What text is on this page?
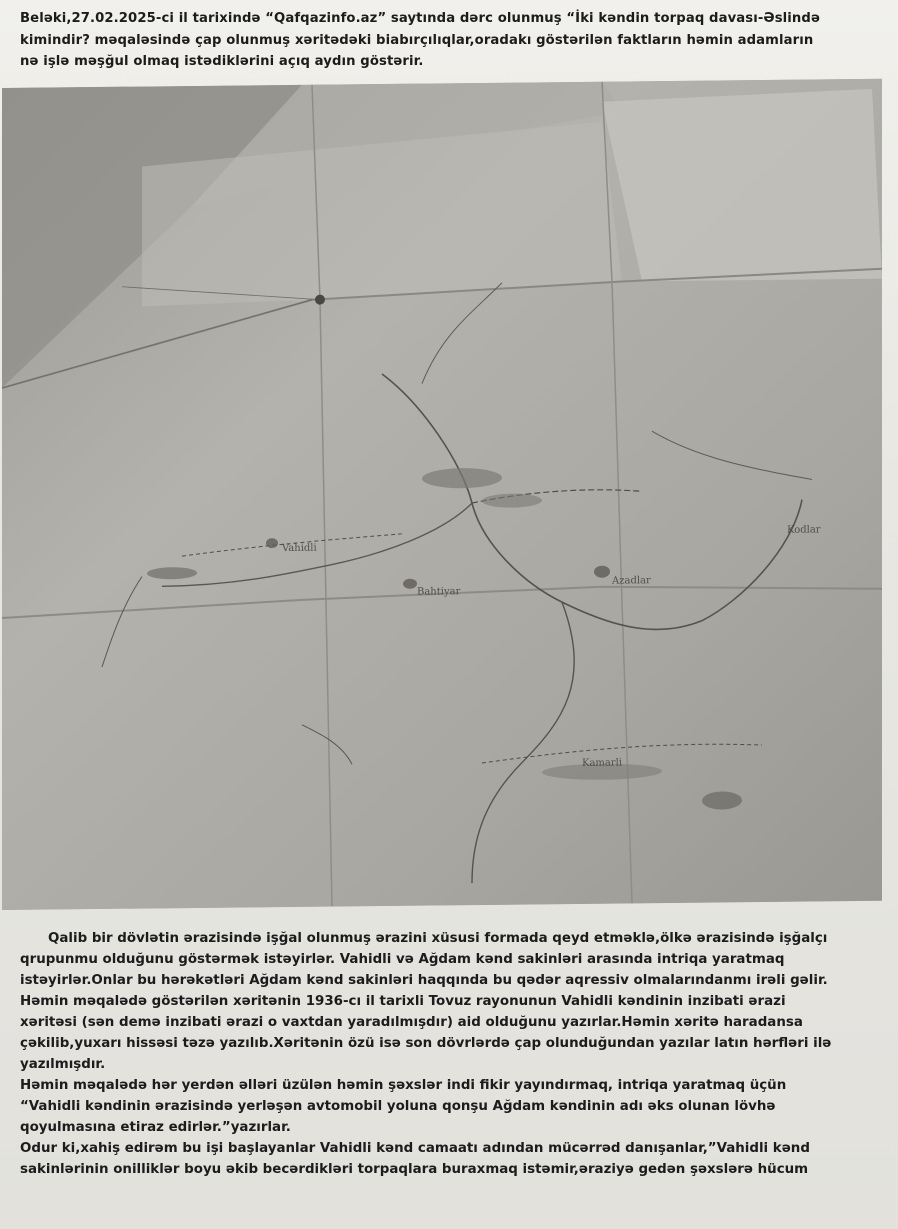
Beləki,27.02.2025-ci il tarixində “Qafqazinfo.az” saytında dərc olunmuş “İki kəndin torpaq davası-Əslində
kimindir? məqaləsində çap olunmuş xəritədəki biabırçılıqlar,oradakı göstərilən faktların həmin adamların
nə işlə məşğul olmaq istədiklərini açıq aydın göstərir.
Bahtiyar
Kodlar
Azadlar
Kamarli
Vahidli
Qalib bir dövlətin ərazisində işğal olunmuş ərazini xüsusi formada qeyd etməklə,ölkə ərazisində işğalçı
qrupunmu olduğunu göstərmək istəyirlər. Vahidli və Ağdam kənd sakinləri arasında intriqa yaratmaq
istəyirlər.Onlar bu hərəkətləri Ağdam kənd sakinləri haqqında bu qədər aqressiv olmalarındanmı irəli gəlir.
Həmin məqalədə göstərilən xəritənin 1936-cı il tarixli Tovuz rayonunun Vahidli kəndinin inzibati ərazi
xəritəsi (sən demə inzibati ərazi o vaxtdan yaradılmışdır) aid olduğunu yazırlar.Həmin xəritə haradansa
çəkilib,yuxarı hissəsi təzə yazılıb.Xəritənin özü isə son dövrlərdə çap olunduğundan yazılar latın hərfləri ilə
yazılmışdır.
Həmin məqalədə hər yerdən əlləri üzülən həmin şəxslər indi fikir yayındırmaq, intriqa yaratmaq üçün
“Vahidli kəndinin ərazisində yerləşən avtomobil yoluna qonşu Ağdam kəndinin adı əks olunan lövhə
qoyulmasına etiraz edirlər.”yazırlar.
Odur ki,xahiş edirəm bu işi başlayanlar Vahidli kənd camaatı adından mücərrəd danışanlar,”Vahidli kənd
sakinlərinin onilliklər boyu əkib becərdikləri torpaqlara buraxmaq istəmir,əraziyə gedən şəxslərə hücum
